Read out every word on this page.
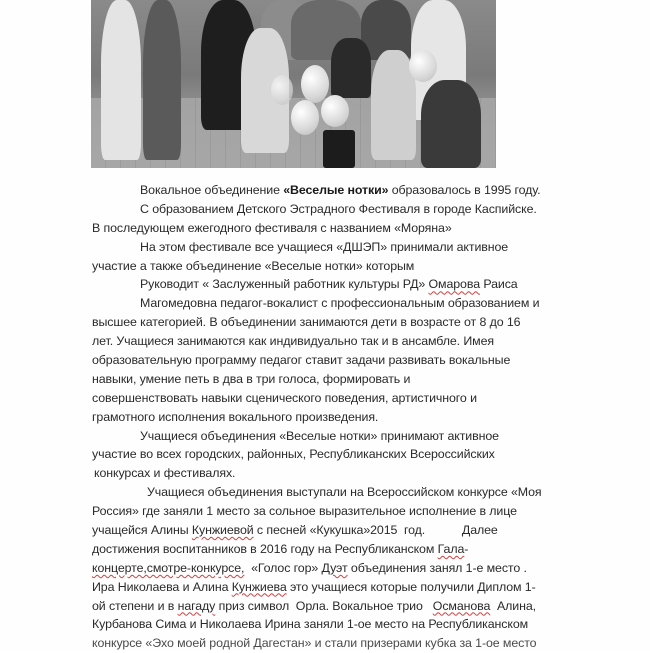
Вокальное объединение «Веселые нотки» образовалось в 1995 году.
С образованием Детского Эстрадного Фестиваля в городе Каспийске.
В последующем ежегодного фестиваля с названием «Моряна»
На этом фестивале все учащиеся «ДШЭП» принимали активное
участие а также объединение «Веселые нотки» которым
Руководит « Заслуженный работник культуры РД» Омарова Раиса
Магомедовна педагог-вокалист с профессиональным образованием и
высшее категорией. В объединении занимаются дети в возрасте от 8 до 16
лет. Учащиеся занимаются как индивидуально так и в ансамбле. Имея
образовательную программу педагог ставит задачи развивать вокальные
навыки, умение петь в два в три голоса, формировать и
совершенствовать навыки сценического поведения, артистичного и
грамотного исполнения вокального произведения.
Учащиеся объединения «Веселые нотки» принимают активное
участие во всех городских, районных, Республиканских Всероссийских
конкурсах и фестивалях.
Учащиеся объединения выступали на Всероссийском конкурсе «Моя
Россия» где заняли 1 место за сольное выразительное исполнение в лице
учащейся Алины Кунжиевой с песней «Кукушка»2015  год.           Далее
достижения воспитанников в 2016 году на Республиканском Гала-
концерте,смотре-конкурсе,  «Голос гор» Дуэт объединения занял 1-е место .
Ира Николаева и Алина Кунжиева это учащиеся которые получили Диплом 1-
ой степени и в нагаду приз символ  Орла. Вокальное трио   Османова  Алина,
Курбанова Сима и Николаева Ирина заняли 1-ое место на Республиканском
конкурсе «Эхо моей родной Дагестан» и стали призерами кубка за 1-ое место
